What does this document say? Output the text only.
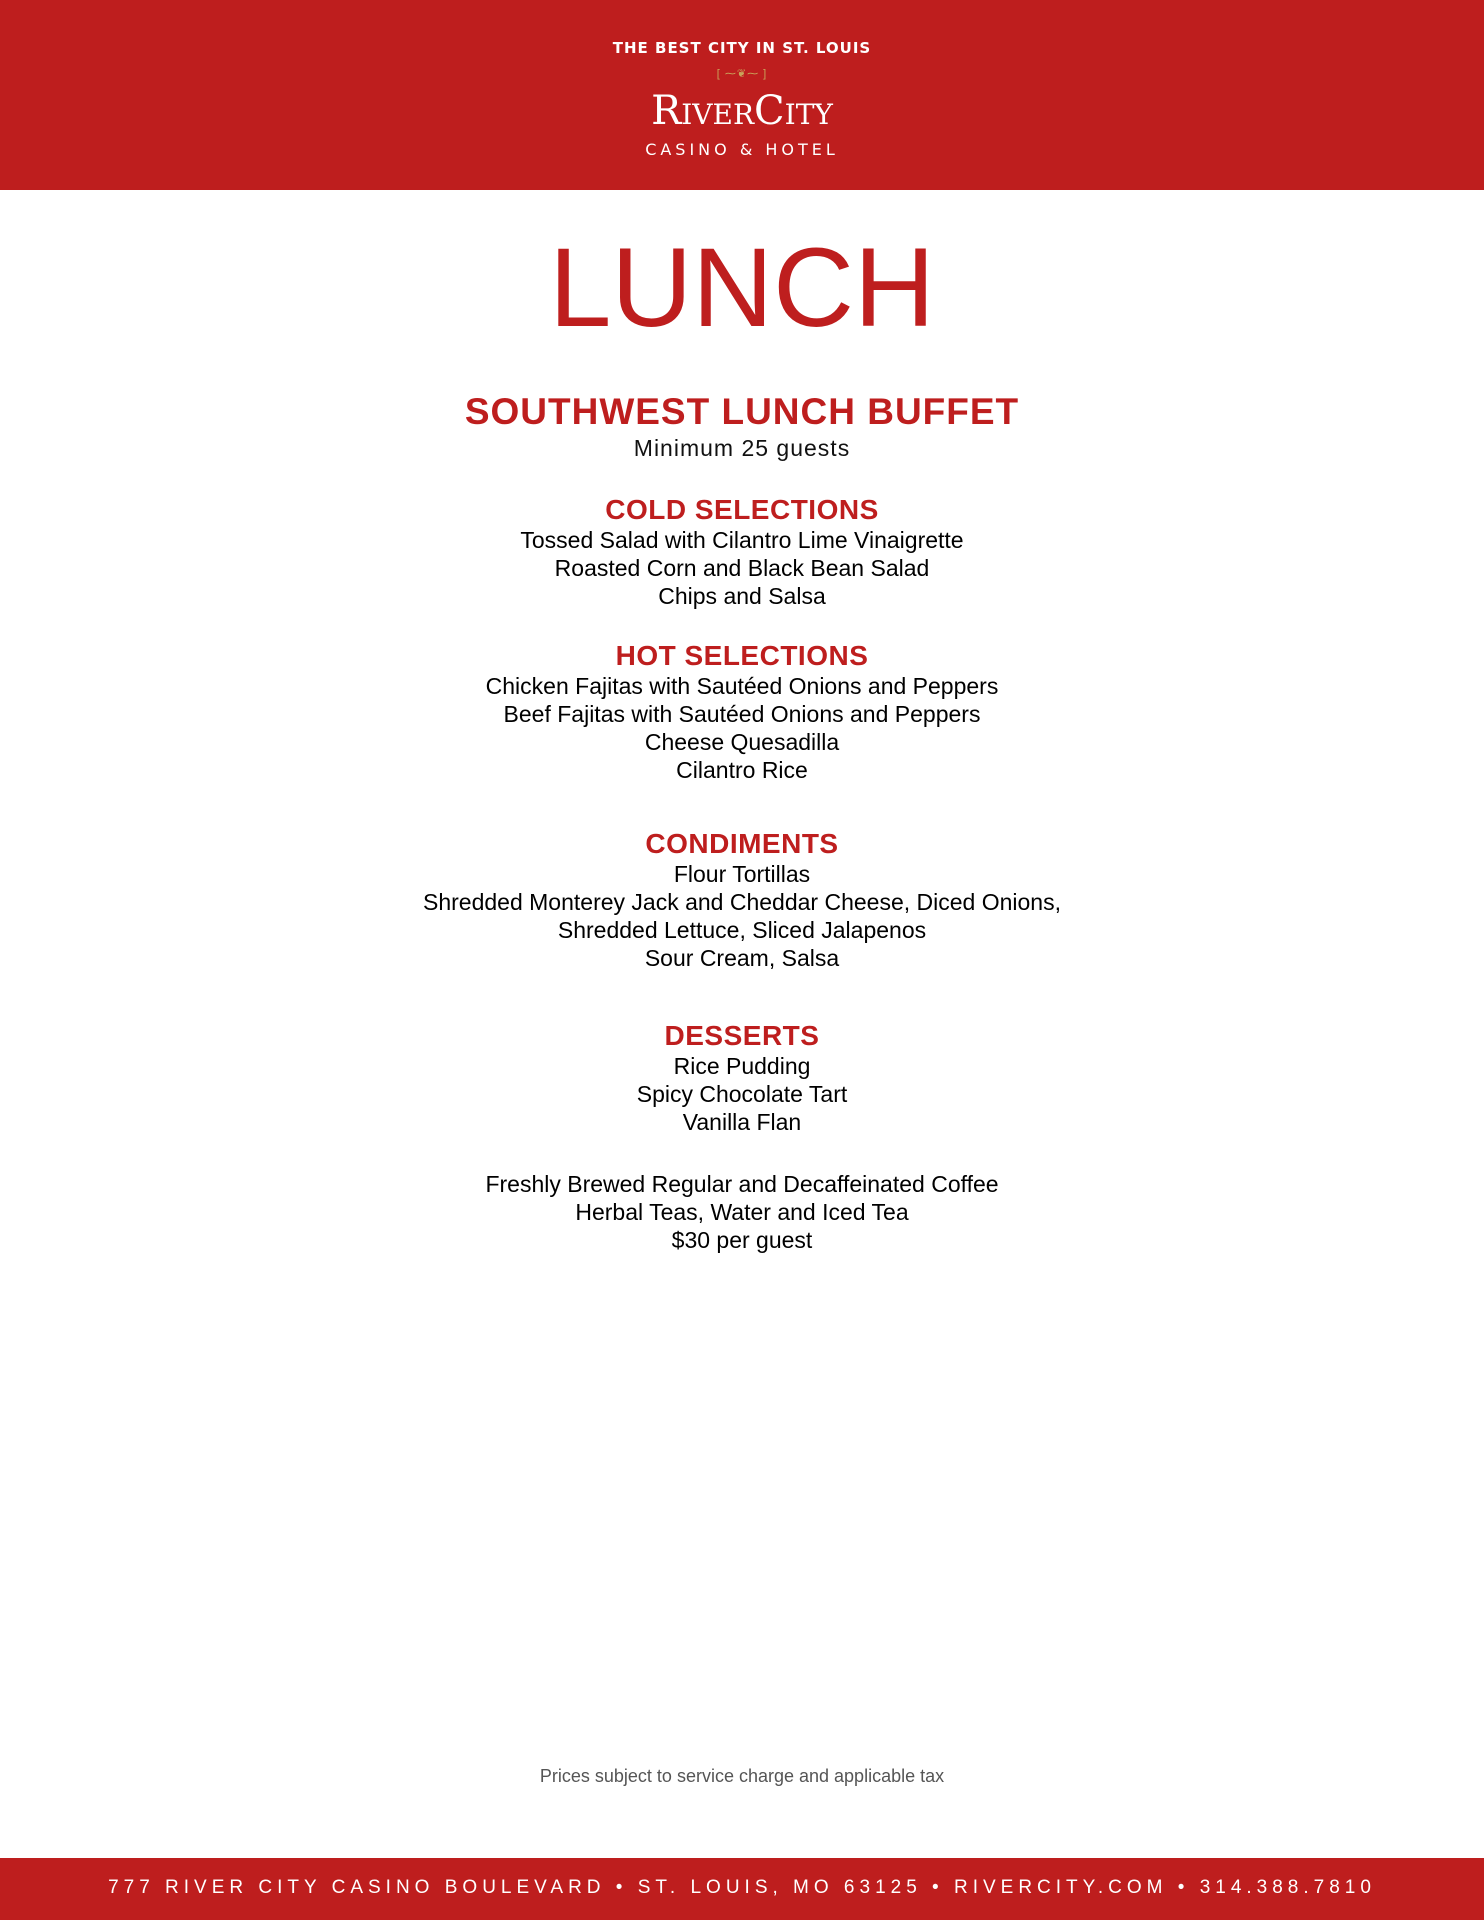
THE BEST CITY IN ST. LOUIS
[ ⁓❦⁓ ]
RiverCity
CASINO & HOTEL
LUNCH
SOUTHWEST LUNCH BUFFET
Minimum 25 guests
COLD SELECTIONS
Tossed Salad with Cilantro Lime Vinaigrette
Roasted Corn and Black Bean Salad
Chips and Salsa
HOT SELECTIONS
Chicken Fajitas with Sautéed Onions and Peppers
Beef Fajitas with Sautéed Onions and Peppers
Cheese Quesadilla
Cilantro Rice
CONDIMENTS
Flour Tortillas
Shredded Monterey Jack and Cheddar Cheese, Diced Onions,
Shredded Lettuce, Sliced Jalapenos
Sour Cream, Salsa
DESSERTS
Rice Pudding
Spicy Chocolate Tart
Vanilla Flan
Freshly Brewed Regular and Decaffeinated Coffee
Herbal Teas, Water and Iced Tea
$30 per guest
Prices subject to service charge and applicable tax
777 RIVER CITY CASINO BOULEVARD • ST. LOUIS, MO 63125 • RIVERCITY.COM • 314.388.7810
